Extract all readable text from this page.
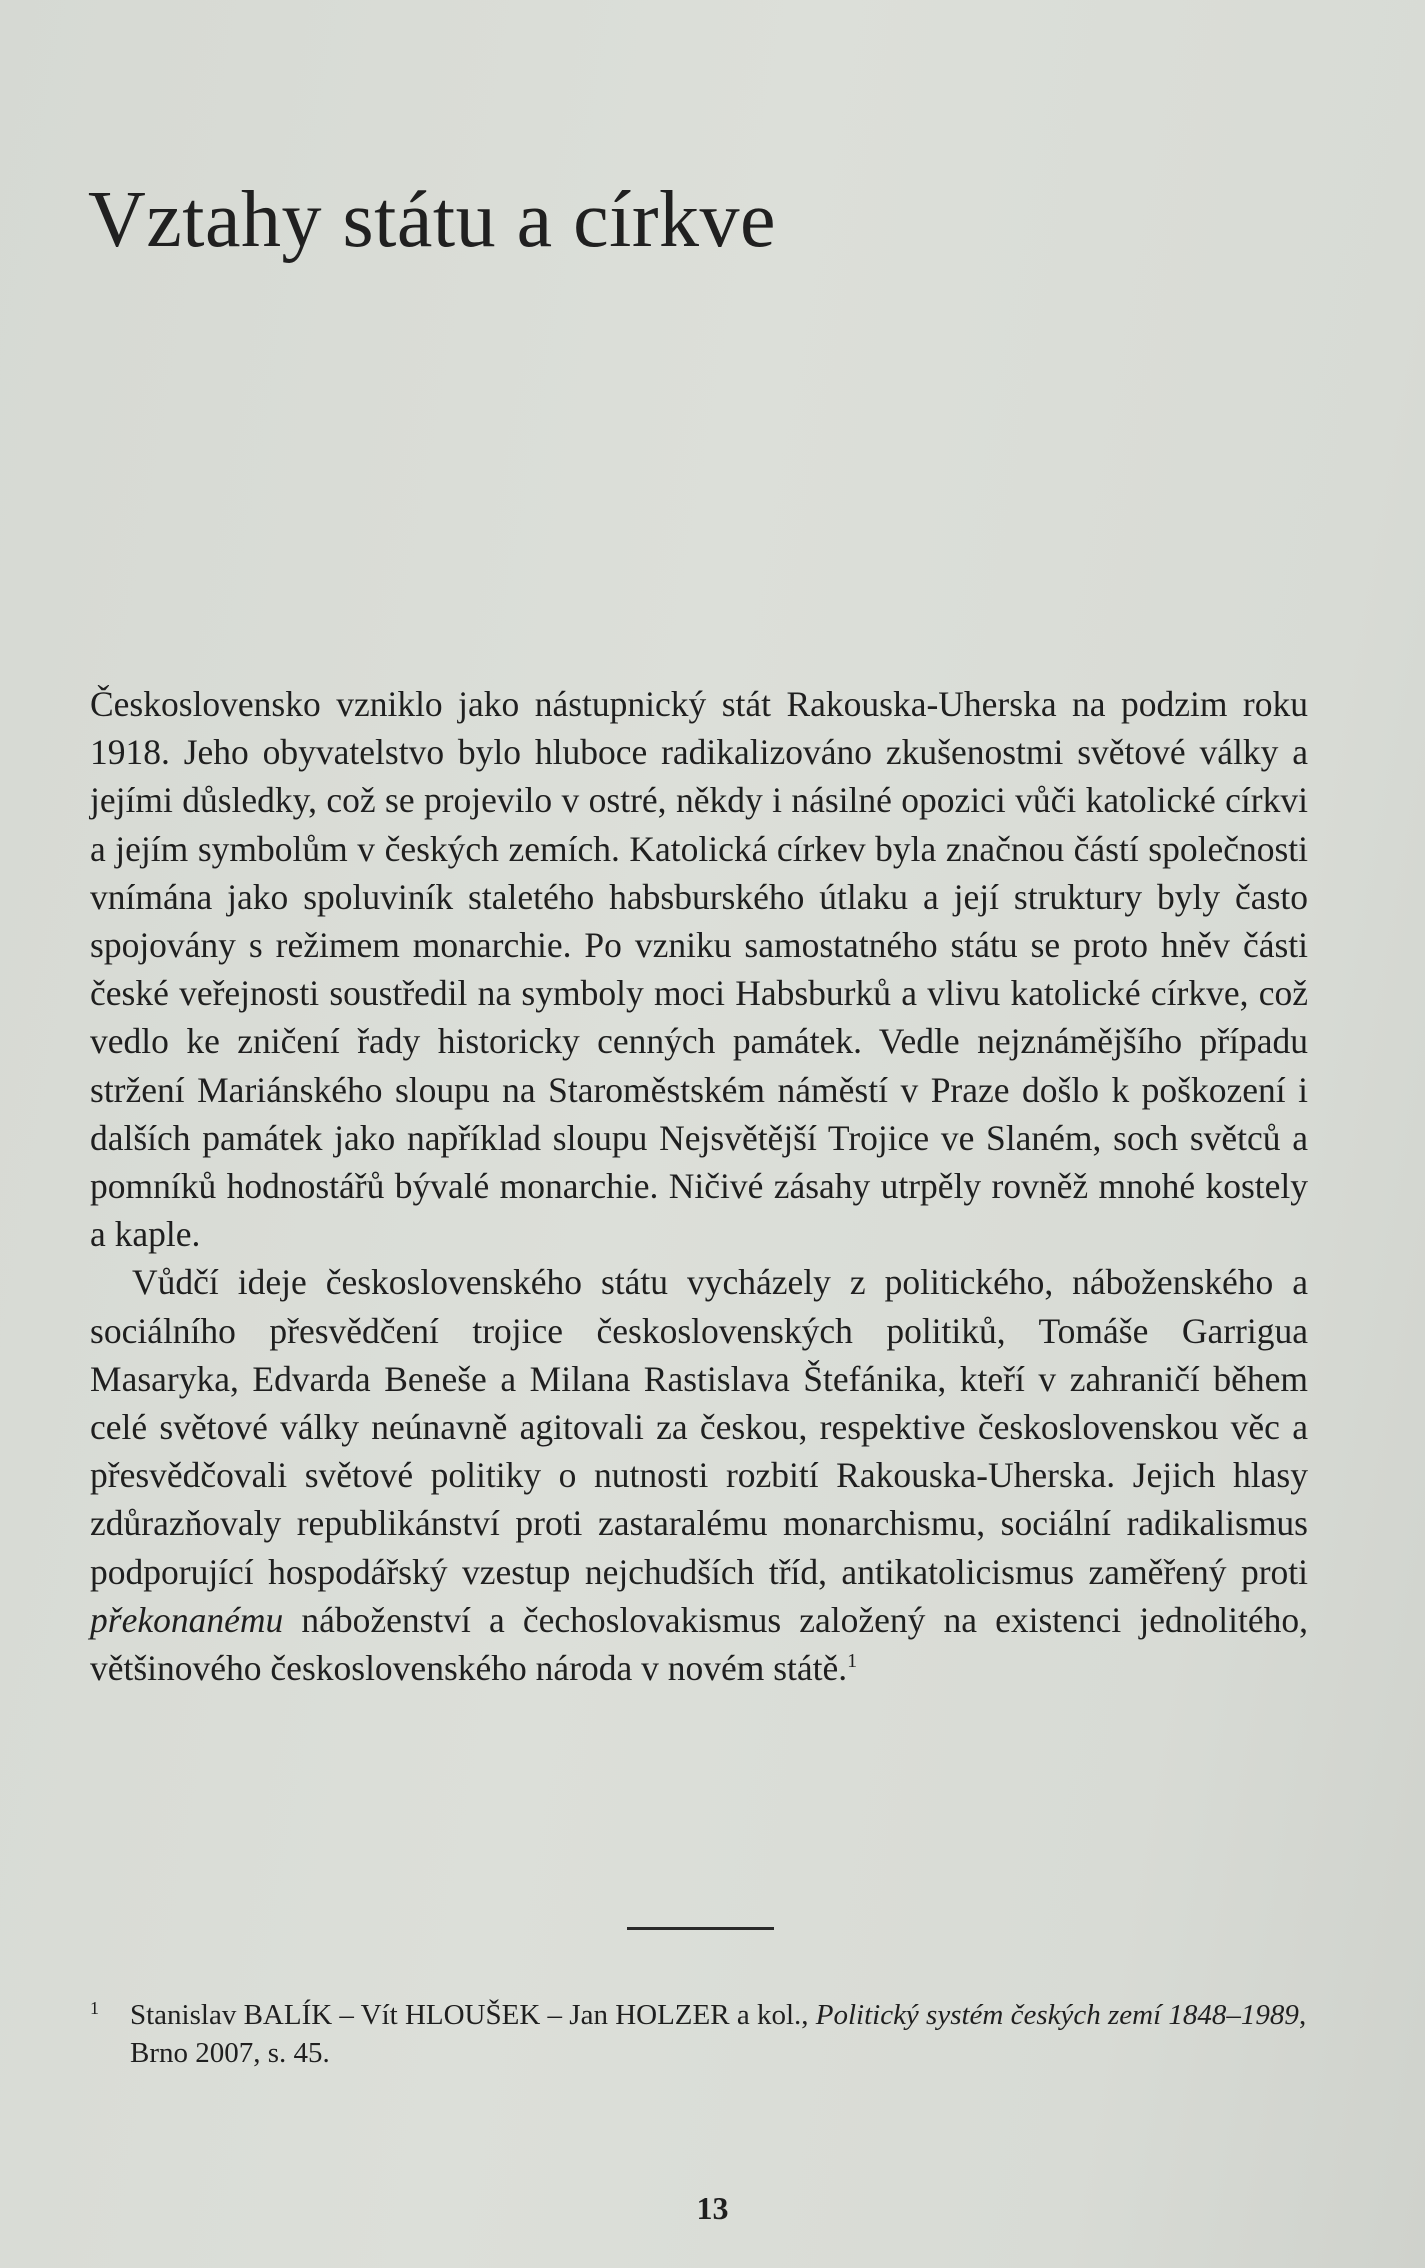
Vztahy státu a církve

Československo vzniklo jako nástupnický stát Rakouska-Uherska na podzim roku 1918. Jeho obyvatelstvo bylo hluboce radikalizováno zkušenostmi světové války a jejími důsledky, což se projevilo v ostré, někdy i násilné opozici vůči katolické církvi a jejím symbolům v českých zemích. Katolická církev byla značnou částí společnosti vnímána jako spoluviník staletého habsburského útlaku a její struktury byly často spojovány s režimem monarchie. Po vzniku samostatného státu se proto hněv části české veřejnosti soustředil na symboly moci Habsburků a vlivu katolické církve, což vedlo ke zničení řady historicky cenných památek. Vedle nejznámějšího případu stržení Mariánského sloupu na Staroměstském náměstí v Praze došlo k poškození i dalších památek jako například sloupu Nejsvětější Trojice ve Slaném, soch světců a pomníků hodnostářů bývalé monarchie. Ničivé zásahy utrpěly rovněž mnohé kostely a kaple.

Vůdčí ideje československého státu vycházely z politického, náboženského a sociálního přesvědčení trojice československých politiků, Tomáše Garrigua Masaryka, Edvarda Beneše a Milana Rastislava Štefánika, kteří v zahraničí během celé světové války neúnavně agitovali za českou, respektive československou věc a přesvědčovali světové politiky o nutnosti rozbití Rakouska-Uherska. Jejich hlasy zdůrazňovaly republikánství proti zastaralému monarchismu, sociální radikalismus podporující hospodářský vzestup nejchudších tříd, antikatolicismus zaměřený proti překonanému náboženství a čechoslovakismus založený na existenci jednolitého, většinového československého národa v novém státě.$^1$

1 Stanislav BALÍK – Vít HLOUŠEK – Jan HOLZER a kol., Politický systém českých zemí 1848–1989, Brno 2007, s. 45.
13
